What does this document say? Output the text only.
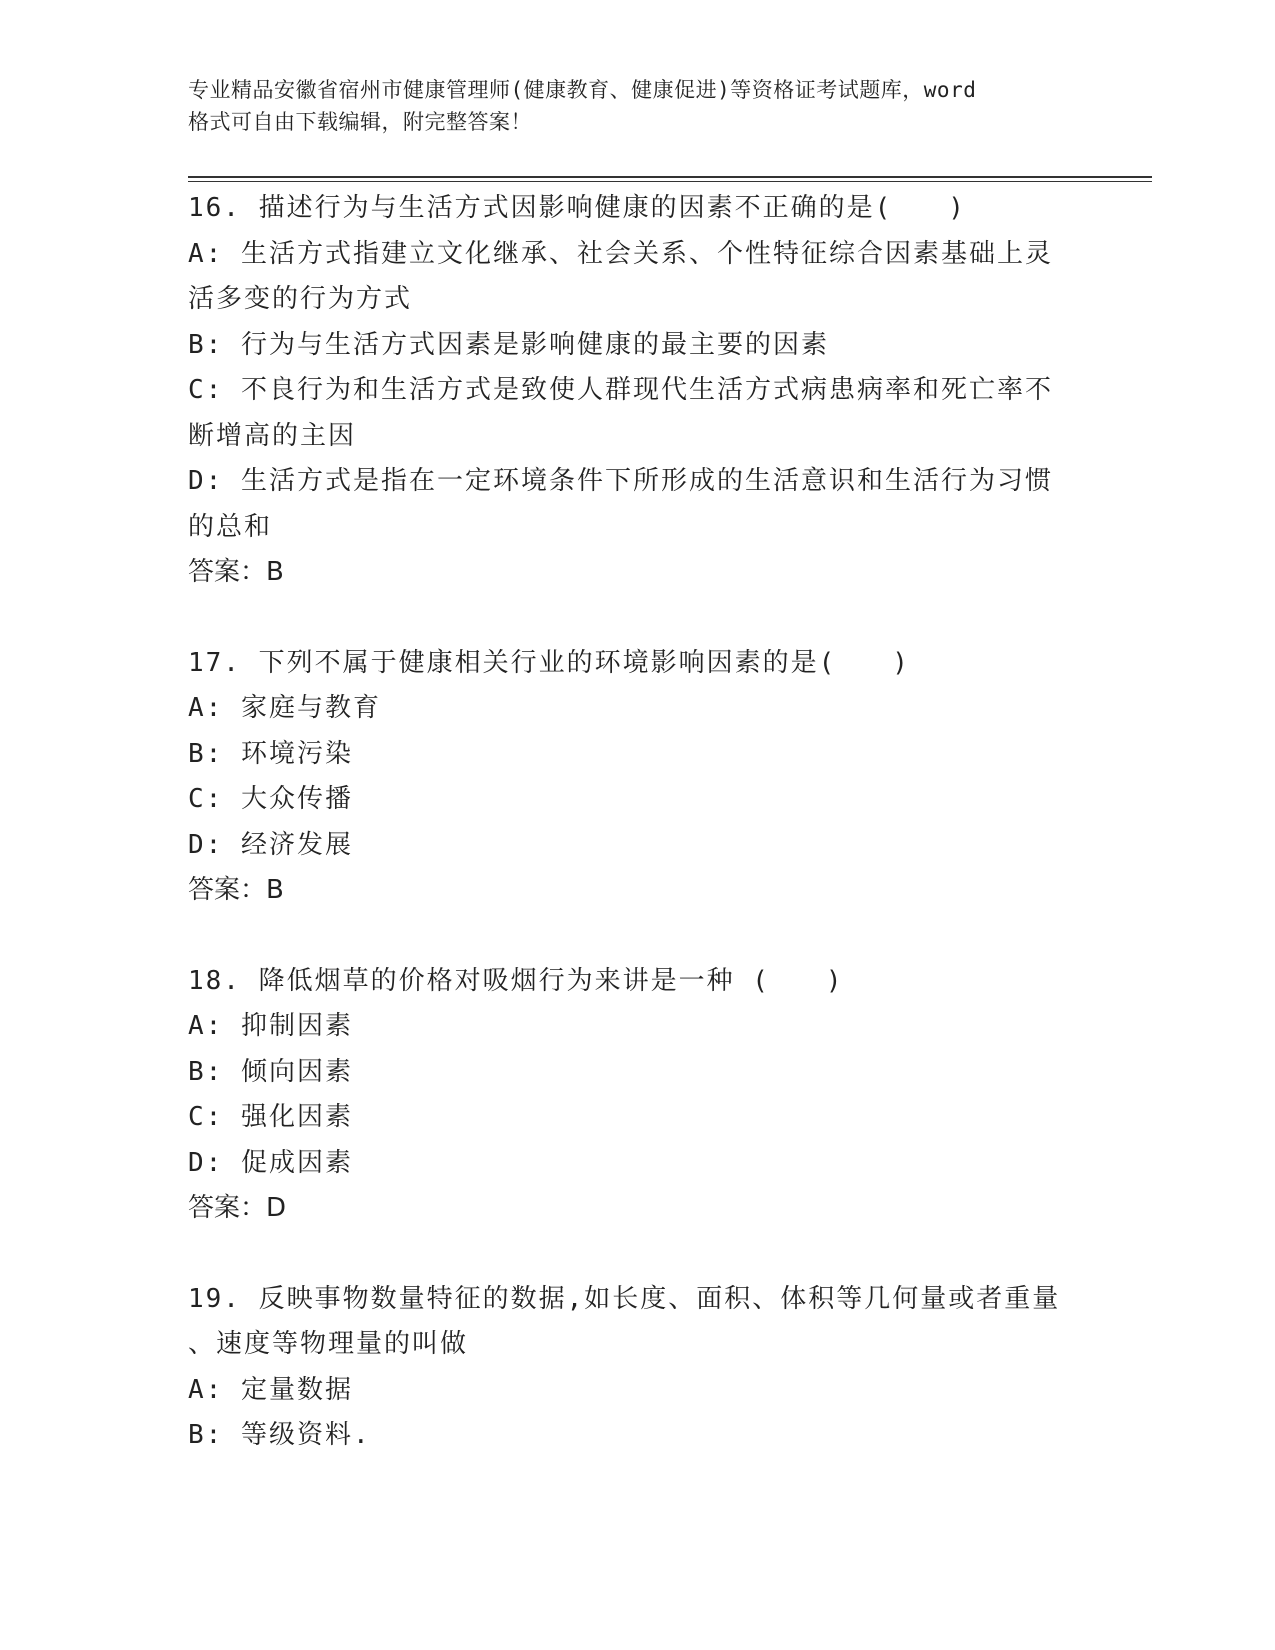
专业精品安徽省宿州市健康管理师(健康教育、健康促进)等资格证考试题库，word
格式可自由下载编辑，附完整答案！
16. 描述行为与生活方式因影响健康的因素不正确的是(　　)
A: 生活方式指建立文化继承、社会关系、个性特征综合因素基础上灵
活多变的行为方式
B: 行为与生活方式因素是影响健康的最主要的因素
C: 不良行为和生活方式是致使人群现代生活方式病患病率和死亡率不
断增高的主因
D: 生活方式是指在一定环境条件下所形成的生活意识和生活行为习惯
的总和
答案：B
17. 下列不属于健康相关行业的环境影响因素的是(　　)
A: 家庭与教育
B: 环境污染
C: 大众传播
D: 经济发展
答案：B
18. 降低烟草的价格对吸烟行为来讲是一种 (　　)
A: 抑制因素
B: 倾向因素
C: 强化因素
D: 促成因素
答案：D
19. 反映事物数量特征的数据,如长度、面积、体积等几何量或者重量
、速度等物理量的叫做
A: 定量数据
B: 等级资料.
